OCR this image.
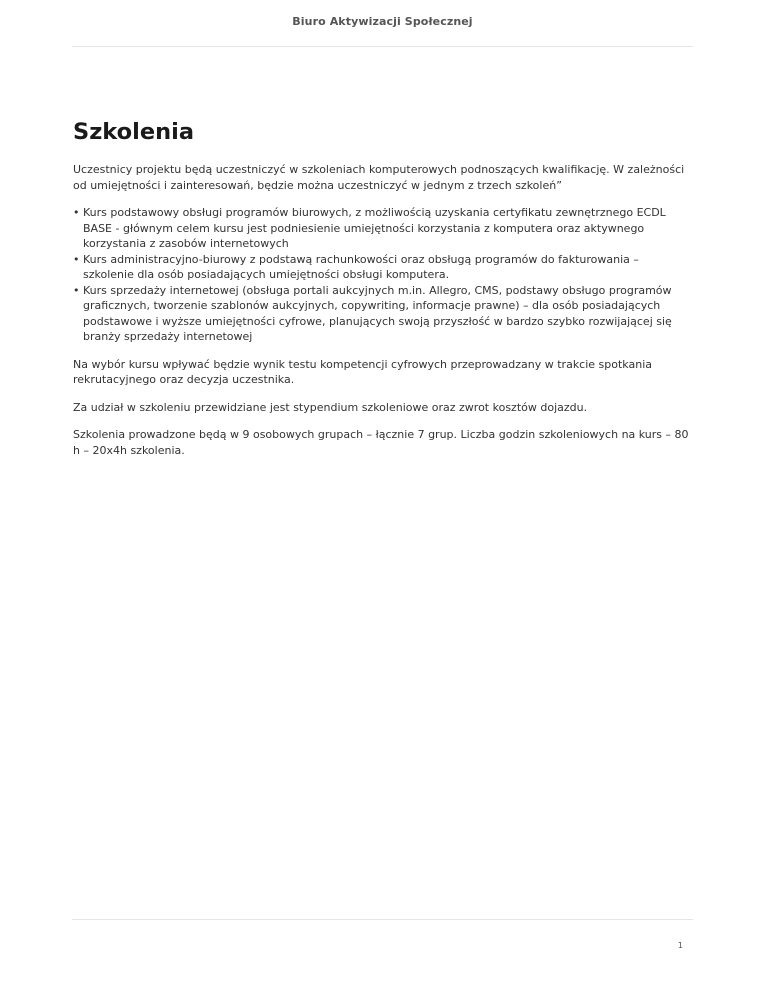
Biuro Aktywizacji Społecznej
Szkolenia

Uczestnicy projektu będą uczestniczyć w szkoleniach komputerowych podnoszących kwalifikację. W zależności od umiejętności i zainteresowań, będzie można uczestniczyć w jednym z trzech szkoleń”

• Kurs podstawowy obsługi programów biurowych, z możliwością uzyskania certyfikatu zewnętrznego ECDL BASE - głównym celem kursu jest podniesienie umiejętności korzystania z komputera oraz aktywnego korzystania z zasobów internetowych
• Kurs administracyjno-biurowy z podstawą rachunkowości oraz obsługą programów do fakturowania – szkolenie dla osób posiadających umiejętności obsługi komputera.
• Kurs sprzedaży internetowej (obsługa portali aukcyjnych m.in. Allegro, CMS, podstawy obsługo programów graficznych, tworzenie szablonów aukcyjnych, copywriting, informacje prawne) – dla osób posiadających podstawowe i wyższe umiejętności cyfrowe, planujących swoją przyszłość w bardzo szybko rozwijającej się branży sprzedaży internetowej

Na wybór kursu wpływać będzie wynik testu kompetencji cyfrowych przeprowadzany w trakcie spotkania rekrutacyjnego oraz decyzja uczestnika.

Za udział w szkoleniu przewidziane jest stypendium szkoleniowe oraz zwrot kosztów dojazdu.

Szkolenia prowadzone będą w 9 osobowych grupach – łącznie 7 grup. Liczba godzin szkoleniowych na kurs – 80 h – 20x4h szkolenia.

1
